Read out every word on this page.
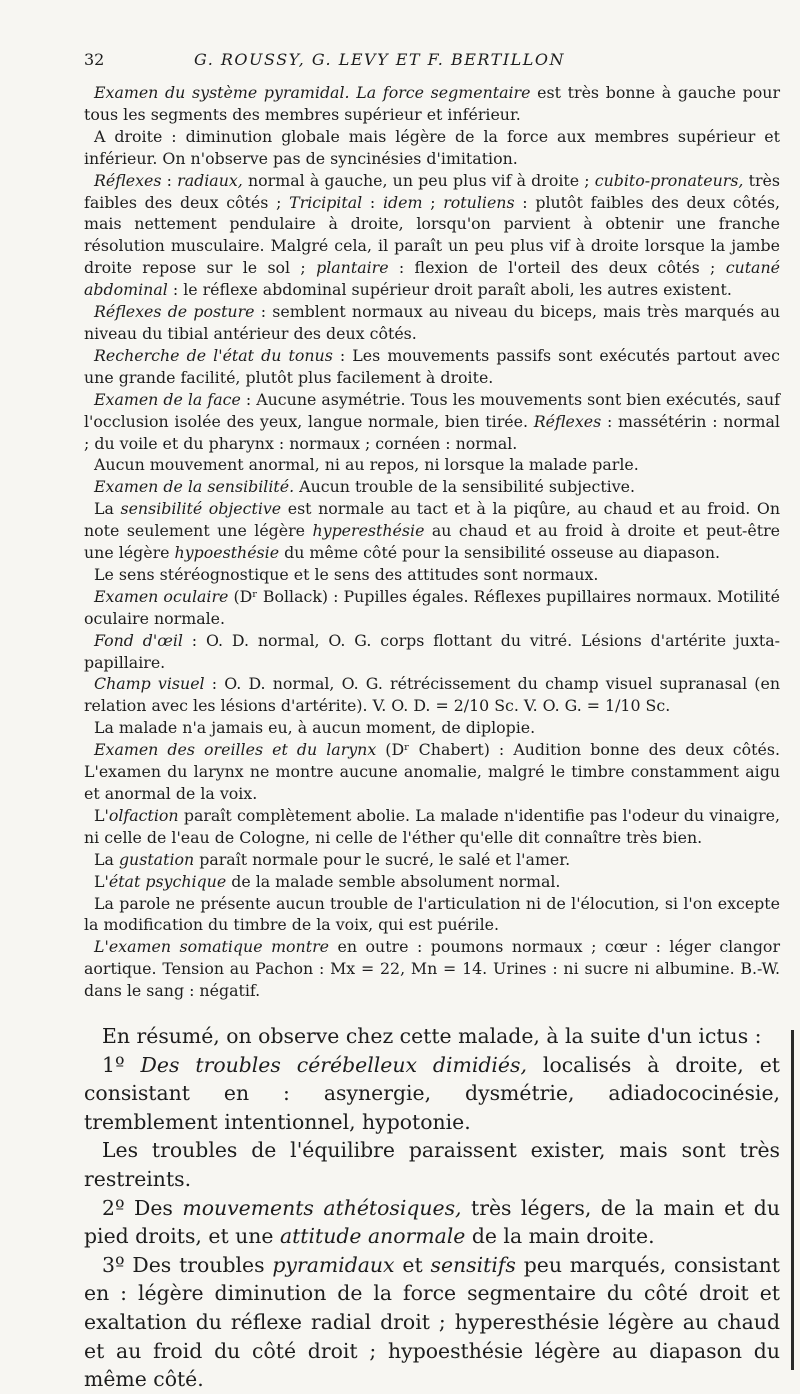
32	G. ROUSSY, G. LEVY ET F. BERTILLON

Examen du système pyramidal. La force segmentaire est très bonne à gauche pour tous les segments des membres supérieur et inférieur.

A droite : diminution globale mais légère de la force aux membres supérieur et inférieur. On n'observe pas de syncinésies d'imitation.

Réflexes : radiaux, normal à gauche, un peu plus vif à droite ; cubito-pronateurs, très faibles des deux côtés ; Tricipital : idem ; rotuliens : plutôt faibles des deux côtés, mais nettement pendulaire à droite, lorsqu'on parvient à obtenir une franche résolution musculaire. Malgré cela, il paraît un peu plus vif à droite lorsque la jambe droite repose sur le sol ; plantaire : flexion de l'orteil des deux côtés ; cutané abdominal : le réflexe abdominal supérieur droit paraît aboli, les autres existent.

Réflexes de posture : semblent normaux au niveau du biceps, mais très marqués au niveau du tibial antérieur des deux côtés.

Recherche de l'état du tonus : Les mouvements passifs sont exécutés partout avec une grande facilité, plutôt plus facilement à droite.

Examen de la face : Aucune asymétrie. Tous les mouvements sont bien exécutés, sauf l'occlusion isolée des yeux, langue normale, bien tirée. Réflexes : massétérin : normal ; du voile et du pharynx : normaux ; cornéen : normal.

Aucun mouvement anormal, ni au repos, ni lorsque la malade parle.

Examen de la sensibilité. Aucun trouble de la sensibilité subjective.

La sensibilité objective est normale au tact et à la piqûre, au chaud et au froid. On note seulement une légère hyperesthésie au chaud et au froid à droite et peut-être une légère hypoesthésie du même côté pour la sensibilité osseuse au diapason.

Le sens stéréognostique et le sens des attitudes sont normaux.

Examen oculaire (Dʳ Bollack) : Pupilles égales. Réflexes pupillaires normaux. Motilité oculaire normale.

Fond d'œil : O. D. normal, O. G. corps flottant du vitré. Lésions d'artérite juxta-papillaire.

Champ visuel : O. D. normal, O. G. rétrécissement du champ visuel supranasal (en relation avec les lésions d'artérite). V. O. D. = 2/10 Sc. V. O. G. = 1/10 Sc.

La malade n'a jamais eu, à aucun moment, de diplopie.

Examen des oreilles et du larynx (Dʳ Chabert) : Audition bonne des deux côtés. L'examen du larynx ne montre aucune anomalie, malgré le timbre constamment aigu et anormal de la voix.

L'olfaction paraît complètement abolie. La malade n'identifie pas l'odeur du vinaigre, ni celle de l'eau de Cologne, ni celle de l'éther qu'elle dit connaître très bien.

La gustation paraît normale pour le sucré, le salé et l'amer.

L'état psychique de la malade semble absolument normal.

La parole ne présente aucun trouble de l'articulation ni de l'élocution, si l'on excepte la modification du timbre de la voix, qui est puérile.

L'examen somatique montre en outre : poumons normaux ; cœur : léger clangor aortique. Tension au Pachon : Mx = 22, Mn = 14. Urines : ni sucre ni albumine. B.-W. dans le sang : négatif.

En résumé, on observe chez cette malade, à la suite d'un ictus :

1º Des troubles cérébelleux dimidiés, localisés à droite, et consistant en : asynergie, dysmétrie, adiadococinésie, tremblement intentionnel, hypotonie.

Les troubles de l'équilibre paraissent exister, mais sont très restreints.

2º Des mouvements athétosiques, très légers, de la main et du pied droits, et une attitude anormale de la main droite.

3º Des troubles pyramidaux et sensitifs peu marqués, consistant en : légère diminution de la force segmentaire du côté droit et exaltation du réflexe radial droit ; hyperesthésie légère au chaud et au froid du côté droit ; hypoesthésie légère au diapason du même côté.
